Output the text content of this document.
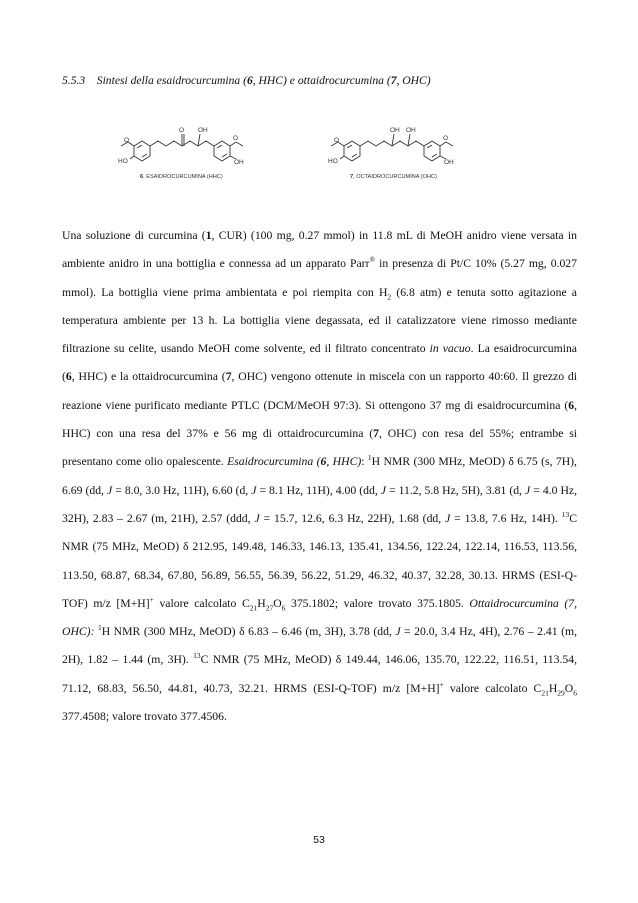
5.5.3 Sintesi della esaidrocurcumina (6, HHC) e ottaidrocurcumina (7, OHC)
O
HO
O OH
O
OH
6, ESAIDROCURCUMINA (HHC)
O
HO
OH OH
O
OH
7, OCTAIDROCURCUMINA (OHC)

Una soluzione di curcumina (1, CUR) (100 mg, 0.27 mmol) in 11.8 mL di MeOH anidro viene versata in ambiente anidro in una bottiglia e connessa ad un apparato Parr® in presenza di Pt/C 10% (5.27 mg, 0.027 mmol). La bottiglia viene prima ambientata e poi riempita con $H_2$ (6.8 atm) e tenuta sotto agitazione a temperatura ambiente per 13 h. La bottiglia viene degassata, ed il catalizzatore viene rimosso mediante filtrazione su celite, usando MeOH come solvente, ed il filtrato concentrato in vacuo. La esaidrocurcumina (6, HHC) e la ottaidrocurcumina (7, OHC) vengono ottenute in miscela con un rapporto 40:60. Il grezzo di reazione viene purificato mediante PTLC (DCM/MeOH 97:3). Si ottengono 37 mg di esaidrocurcumina (6, HHC) con una resa del 37% e 56 mg di ottaidrocurcumina (7, OHC) con resa del 55%; entrambe si presentano come olio opalescente. Esaidrocurcumina (6, HHC): $^1$H NMR (300 MHz, MeOD) δ 6.75 (s, 7H), 6.69 (dd, J = 8.0, 3.0 Hz, 11H), 6.60 (d, J = 8.1 Hz, 11H), 4.00 (dd, J = 11.2, 5.8 Hz, 5H), 3.81 (d, J = 4.0 Hz, 32H), 2.83 – 2.67 (m, 21H), 2.57 (ddd, J = 15.7, 12.6, 6.3 Hz, 22H), 1.68 (dd, J = 13.8, 7.6 Hz, 14H). $^{13}$C NMR (75 MHz, MeOD) δ 212.95, 149.48, 146.33, 146.13, 135.41, 134.56, 122.24, 122.14, 116.53, 113.56, 113.50, 68.87, 68.34, 67.80, 56.89, 56.55, 56.39, 56.22, 51.29, 46.32, 40.37, 32.28, 30.13. HRMS (ESI-Q-TOF) m/z [M+H]+ valore calcolato $C_{21}H_{27}O_6$ 375.1802; valore trovato 375.1805. Ottaidrocurcumina (7, OHC): $^1$H NMR (300 MHz, MeOD) δ 6.83 – 6.46 (m, 3H), 3.78 (dd, J = 20.0, 3.4 Hz, 4H), 2.76 – 2.41 (m, 2H), 1.82 – 1.44 (m, 3H). $^{13}$C NMR (75 MHz, MeOD) δ 149.44, 146.06, 135.70, 122.22, 116.51, 113.54, 71.12, 68.83, 56.50, 44.81, 40.73, 32.21. HRMS (ESI-Q-TOF) m/z [M+H]+ valore calcolato $C_{21}H_{29}O_6$ 377.4508; valore trovato 377.4506.

53
